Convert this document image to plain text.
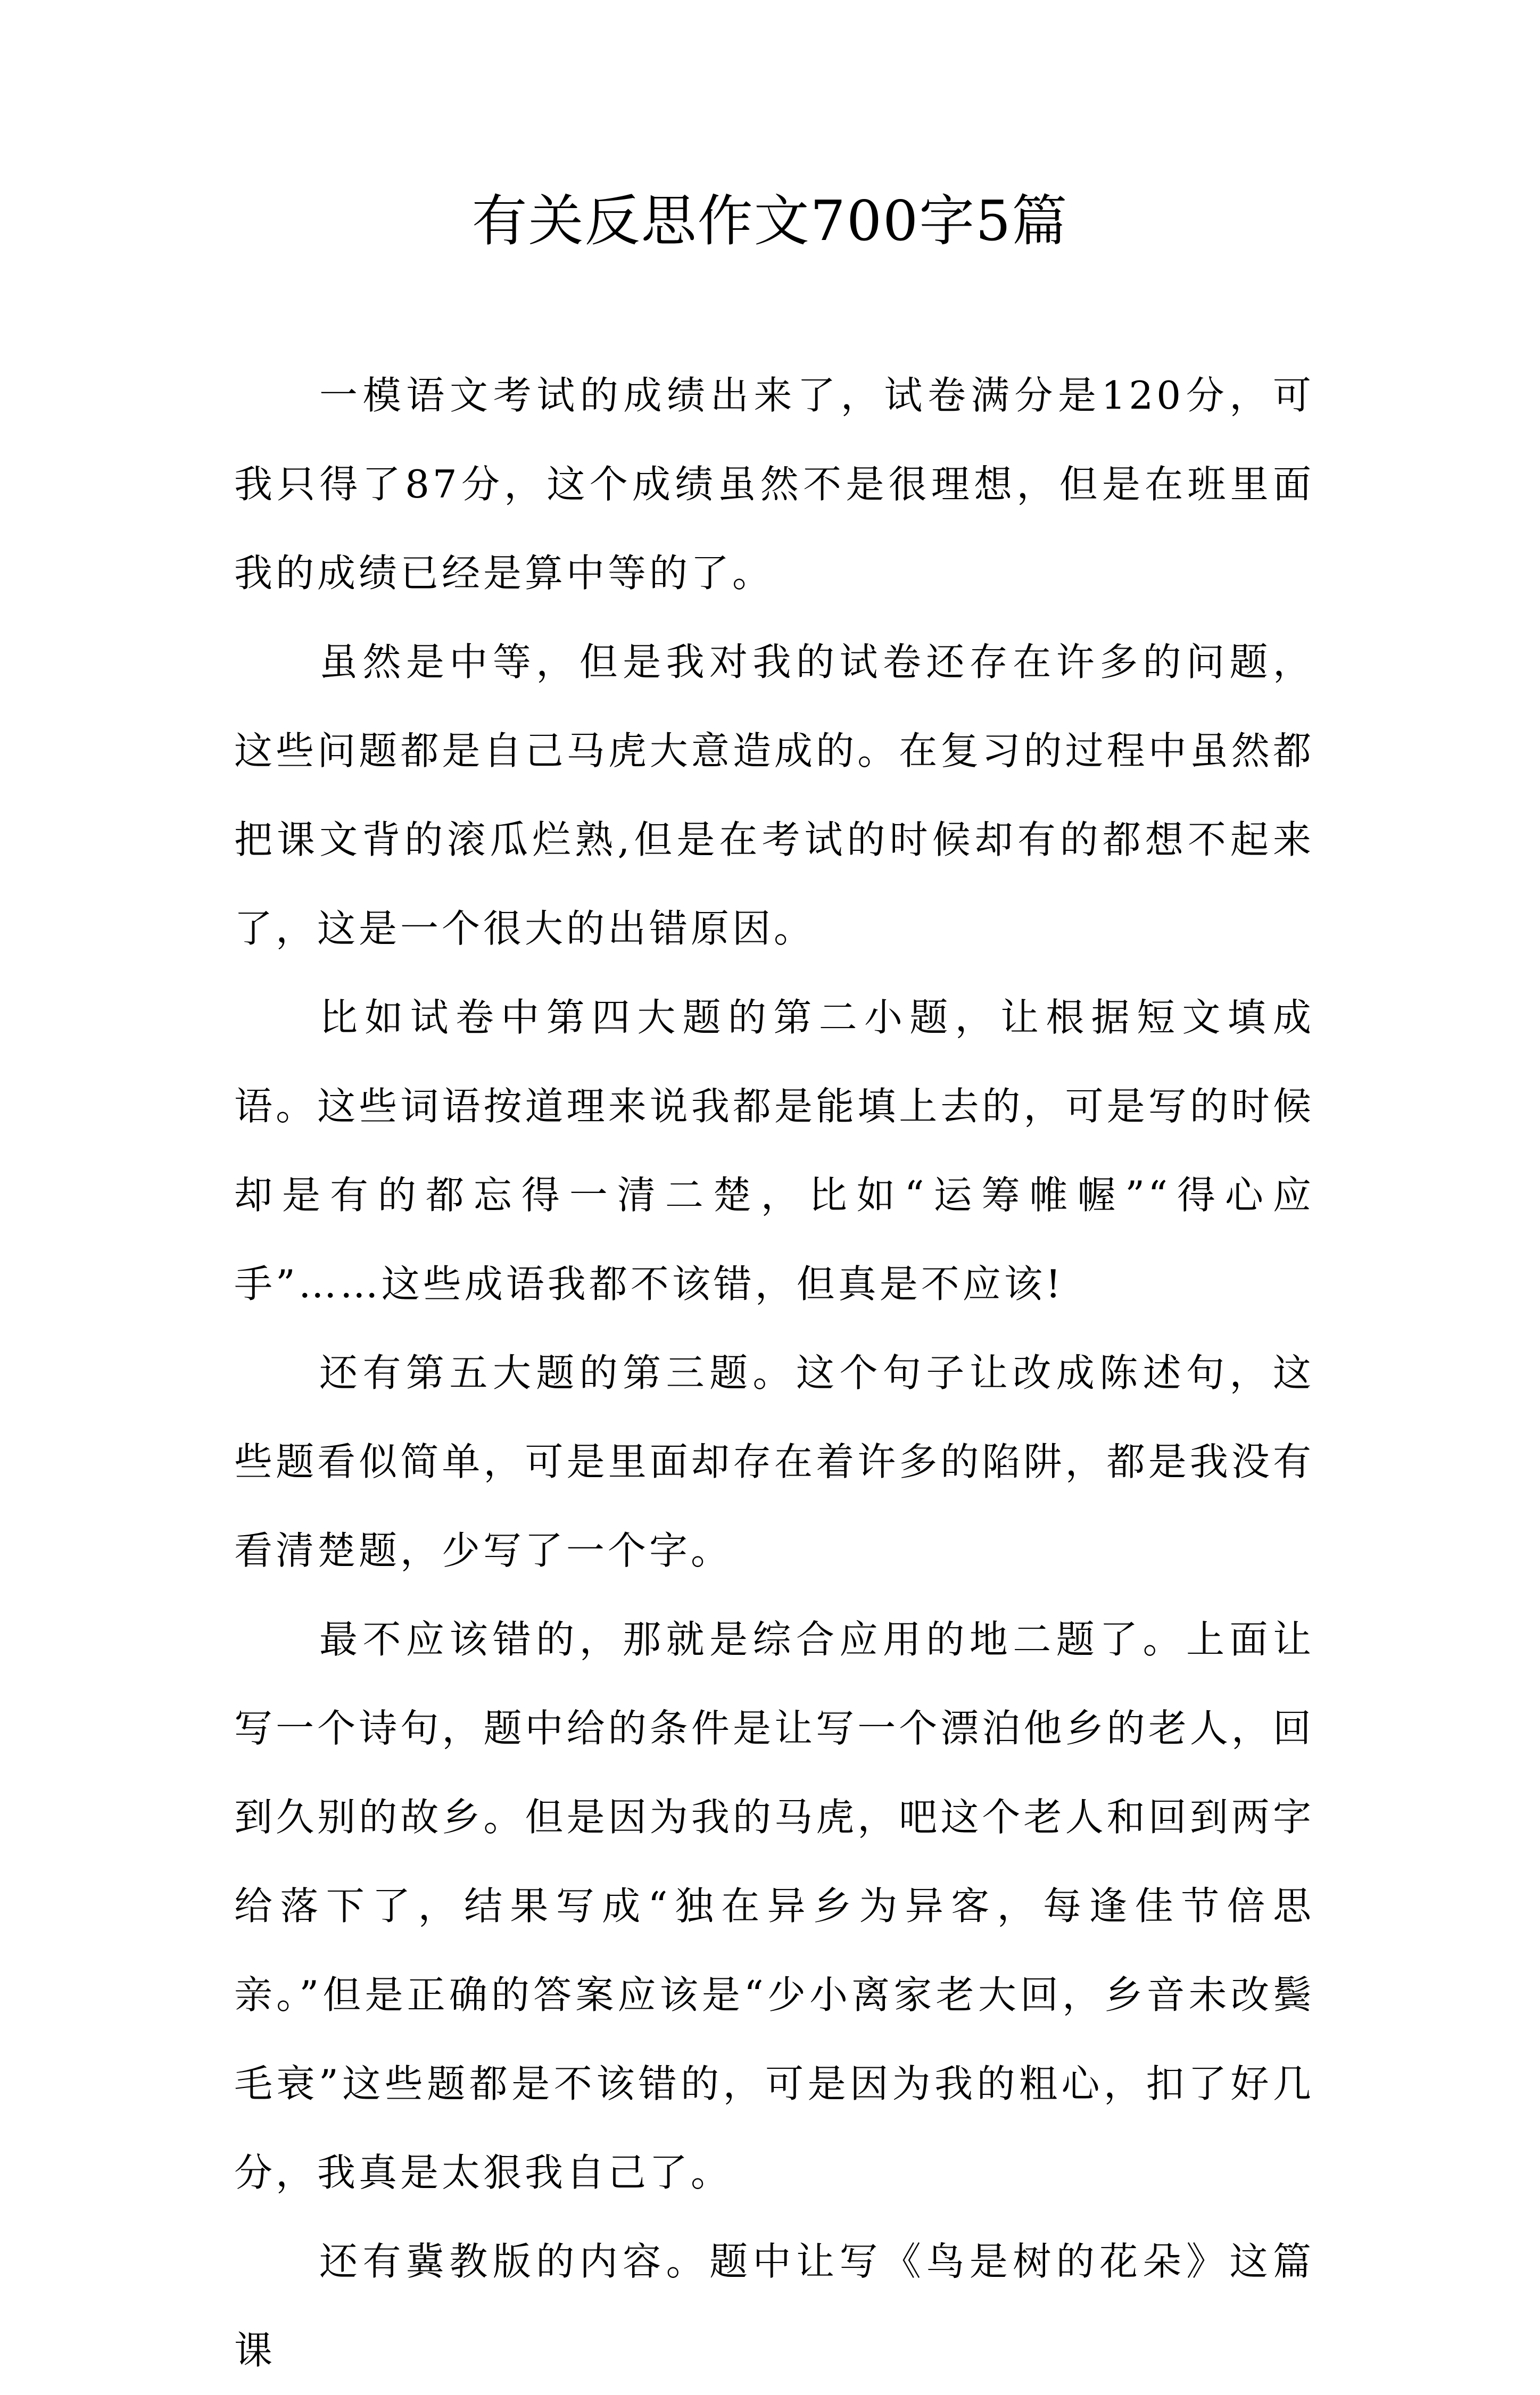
有关反思作文700字5篇

一模语文考试的成绩出来了，试卷满分是120分，可我只得了87分，这个成绩虽然不是很理想，但是在班里面我的成绩已经是算中等的了。

虽然是中等，但是我对我的试卷还存在许多的问题，这些问题都是自己马虎大意造成的。在复习的过程中虽然都把课文背的滚瓜烂熟,但是在考试的时候却有的都想不起来了，这是一个很大的出错原因。

比如试卷中第四大题的第二小题，让根据短文填成语。这些词语按道理来说我都是能填上去的，可是写的时候却是有的都忘得一清二楚，比如“运筹帷幄”“得心应手”……这些成语我都不该错，但真是不应该!

还有第五大题的第三题。这个句子让改成陈述句，这些题看似简单，可是里面却存在着许多的陷阱，都是我没有看清楚题，少写了一个字。

最不应该错的，那就是综合应用的地二题了。上面让写一个诗句，题中给的条件是让写一个漂泊他乡的老人，回到久别的故乡。但是因为我的马虎，吧这个老人和回到两字给落下了，结果写成“独在异乡为异客，每逢佳节倍思亲。”但是正确的答案应该是“少小离家老大回，乡音未改鬓毛衰”这些题都是不该错的，可是因为我的粗心，扣了好几分，我真是太狠我自己了。

还有冀教版的内容。题中让写《鸟是树的花朵》这篇课
